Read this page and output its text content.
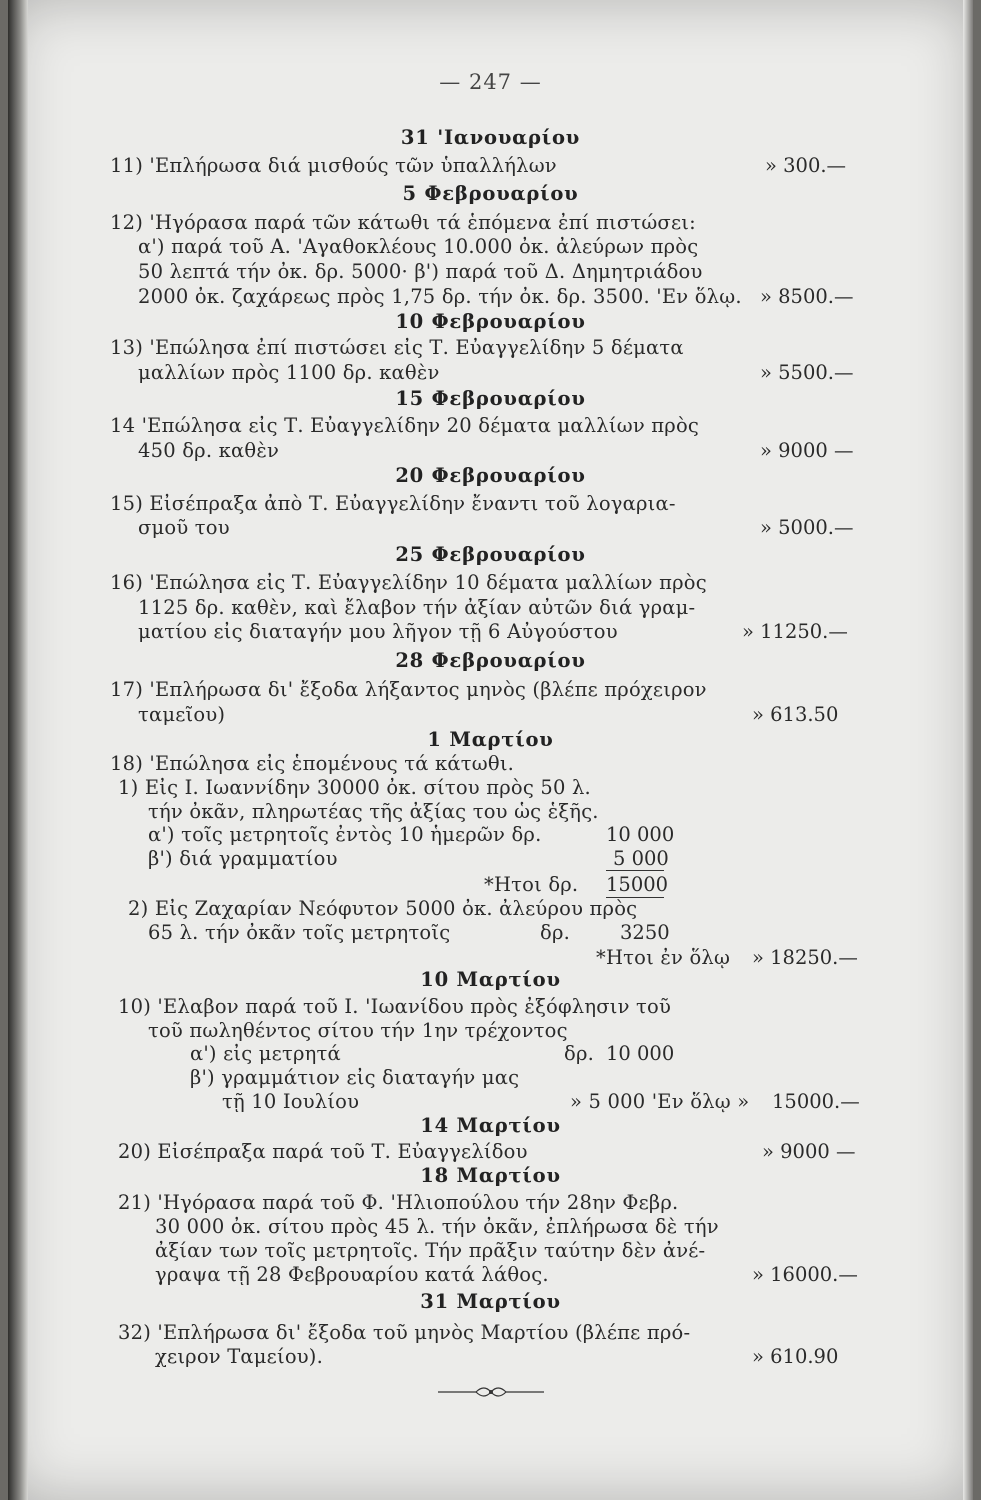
— 247 —
31 'Ιανουαρίου

11) 'Επλήρωσα διά μισθούς τῶν ὑπαλλήλων	» 300.—

5 Φεβρουαρίου

12) 'Ηγόρασα παρά τῶν κάτωθι τά ἑπόμενα ἐπί πιστώσει:

α') παρά τοῦ Α. 'Αγαθοκλέους 10.000 ὀκ. ἀλεύρων πρὸς

50 λεπτά τήν ὀκ. δρ. 5000· β') παρά τοῦ Δ. Δημητριάδου

2000 ὀκ. ζαχάρεως πρὸς 1,75 δρ. τήν ὀκ. δρ. 3500. 'Εν ὅλῳ. » 8500.—

10 Φεβρουαρίου

13) 'Επώλησα ἐπί πιστώσει εἰς Τ. Εὐαγγελίδην 5 δέματα

μαλλίων πρὸς 1100 δρ. καθὲν	» 5500.—

15 Φεβρουαρίου

14 'Επώλησα εἰς Τ. Εὐαγγελίδην 20 δέματα μαλλίων πρὸς

450 δρ. καθὲν	» 9000 —

20 Φεβρουαρίου

15) Εἰσέπραξα ἀπὸ Τ. Εὐαγγελίδην ἔναντι τοῦ λογαρια-

σμοῦ του	» 5000.—

25 Φεβρουαρίου

16) 'Επώλησα εἰς Τ. Εὐαγγελίδην 10 δέματα μαλλίων πρὸς

1125 δρ. καθὲν, καὶ ἔλαβον τήν ἀξίαν αὐτῶν διά γραμ-

ματίου εἰς διαταγήν μου λῆγον τῇ 6 Αὐγούστου	» 11250.—

28 Φεβρουαρίου

17) 'Επλήρωσα δι' ἔξοδα λήξαντος μηνὸς (βλέπε πρόχειρον

ταμεῖου)	» 613.50

1 Μαρτίου

18) 'Επώλησα εἰς ἑπομένους τά κάτωθι.

1) Εἰς Ι. Ιωαννίδην 30000 ὀκ. σίτου πρὸς 50 λ.

τήν ὀκᾶν, πληρωτέας τῆς ἀξίας του ὡς ἑξῆς.

α') τοῖς μετρητοῖς ἐντὸς 10 ἡμερῶν δρ.	10 000

β') διά γραμματίου	5 000

*Ητοι δρ. 15000

2) Εἰς Ζαχαρίαν Νεόφυτον 5000 ὀκ. ἀλεύρου πρὸς

65 λ. τήν ὀκᾶν τοῖς μετρητοῖς	δρ.	3250

*Ητοι ἐν ὅλῳ » 18250.—

10 Μαρτίου

10) 'Ελαβον παρά τοῦ Ι. 'Ιωανίδου πρὸς ἐξόφλησιν τοῦ

τοῦ πωληθέντος σίτου τήν 1ην τρέχοντος

α') εἰς μετρητά	δρ. 10 000

β') γραμμάτιον εἰς διαταγήν μας

τῇ 10 Ιουλίου	» 5 000 'Εν ὅλῳ » 15000.—

14 Μαρτίου

20) Εἰσέπραξα παρά τοῦ Τ. Εὐαγγελίδου	» 9000 —

18 Μαρτίου

21) 'Ηγόρασα παρά τοῦ Φ. 'Ηλιοπούλου τήν 28ην Φεβρ.

30 000 ὀκ. σίτου πρὸς 45 λ. τήν ὀκᾶν, ἐπλήρωσα δὲ τήν

ἀξίαν των τοῖς μετρητοῖς. Τήν πρᾶξιν ταύτην δὲν ἀνέ-

γραψα τῇ 28 Φεβρουαρίου κατά λάθος.	» 16000.—

31 Μαρτίου

32) 'Επλήρωσα δι' ἔξοδα τοῦ μηνὸς Μαρτίου (βλέπε πρό-

χειρον Ταμείου).	» 610.90
